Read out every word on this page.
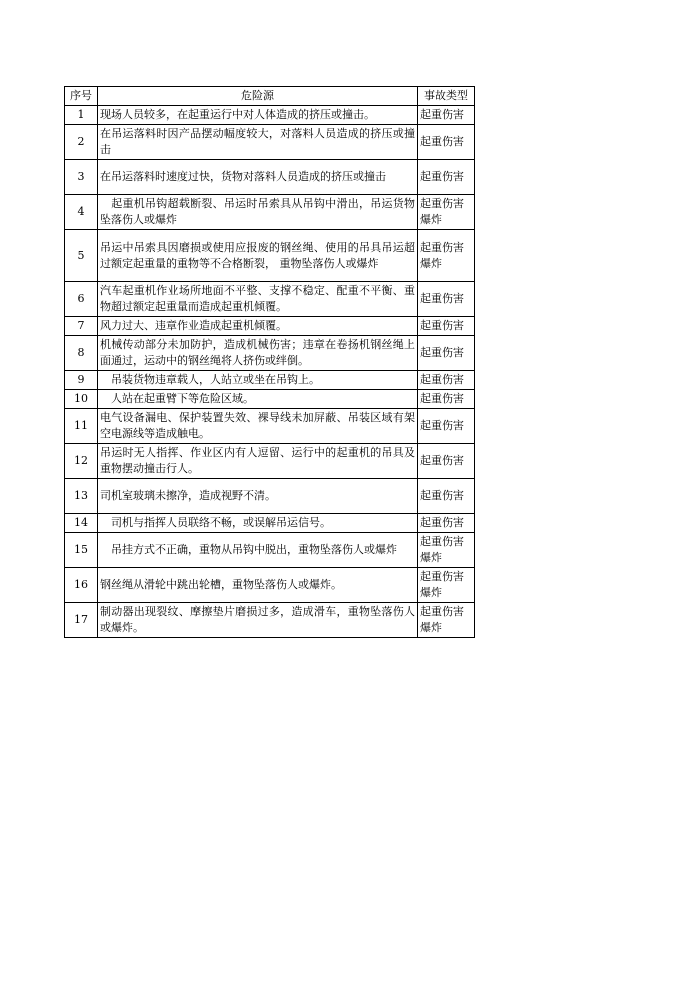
序号	危险源	事故类型
1	现场人员较多，在起重运行中对人体造成的挤压或撞击。	起重伤害
2	在吊运落料时因产品摆动幅度较大，对落料人员造成的挤压或撞击	起重伤害
3	在吊运落料时速度过快，货物对落料人员造成的挤压或撞击	起重伤害
4	　起重机吊钩超载断裂、吊运时吊索具从吊钩中滑出，吊运货物坠落伤人或爆炸	起重伤害爆炸
5	吊运中吊索具因磨损或使用应报废的钢丝绳、使用的吊具吊运超过额定起重量的重物等不合格断裂， 重物坠落伤人或爆炸	起重伤害爆炸
6	汽车起重机作业场所地面不平整、支撑不稳定、配重不平衡、重物超过额定起重量而造成起重机倾覆。	起重伤害
7	风力过大、违章作业造成起重机倾覆。	起重伤害
8	机械传动部分未加防护，造成机械伤害；违章在卷扬机钢丝绳上面通过，运动中的钢丝绳将人挤伤或绊倒。	起重伤害
9	　吊装货物违章载人，人站立或坐在吊钩上。	起重伤害
10	　人站在起重臂下等危险区域。	起重伤害
11	电气设备漏电、保护装置失效、裸导线未加屏蔽、吊装区域有架空电源线等造成触电。	起重伤害
12	吊运时无人指挥、作业区内有人逗留、运行中的起重机的吊具及重物摆动撞击行人。	起重伤害
13	司机室玻璃未擦净，造成视野不清。	起重伤害
14	　司机与指挥人员联络不畅，或误解吊运信号。	起重伤害
15	　吊挂方式不正确，重物从吊钩中脱出，重物坠落伤人或爆炸	起重伤害爆炸
16	钢丝绳从滑轮中跳出轮槽，重物坠落伤人或爆炸。	起重伤害爆炸
17	制动器出现裂纹、摩擦垫片磨损过多，造成滑车，重物坠落伤人或爆炸。	起重伤害爆炸
